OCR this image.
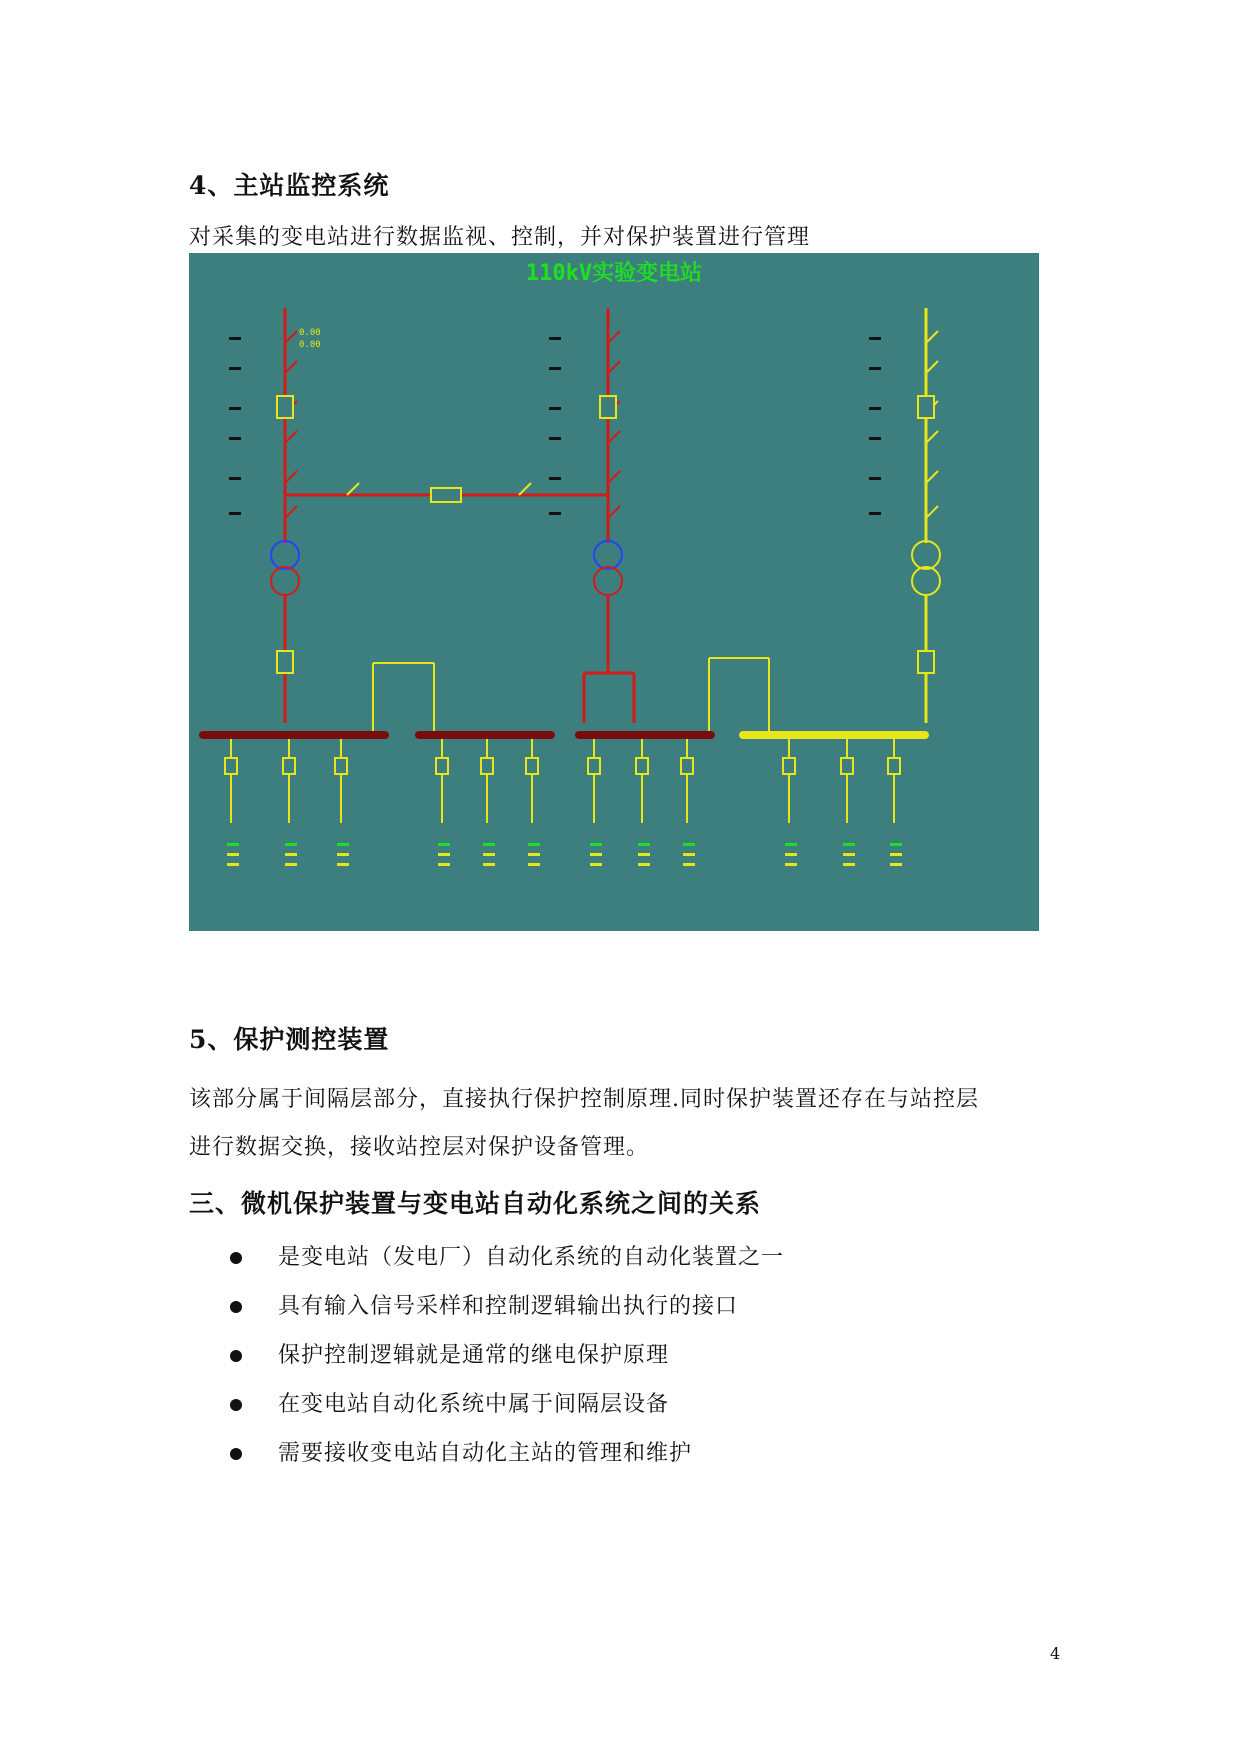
4、主站监控系统
对采集的变电站进行数据监视、控制，并对保护装置进行管理
110kV实验变电站
0.00
0.00
5、保护测控装置
该部分属于间隔层部分，直接执行保护控制原理.同时保护装置还存在与站控层
进行数据交换，接收站控层对保护设备管理。
三、微机保护装置与变电站自动化系统之间的关系
是变电站（发电厂）自动化系统的自动化装置之一
具有输入信号采样和控制逻辑输出执行的接口
保护控制逻辑就是通常的继电保护原理
在变电站自动化系统中属于间隔层设备
需要接收变电站自动化主站的管理和维护
4
